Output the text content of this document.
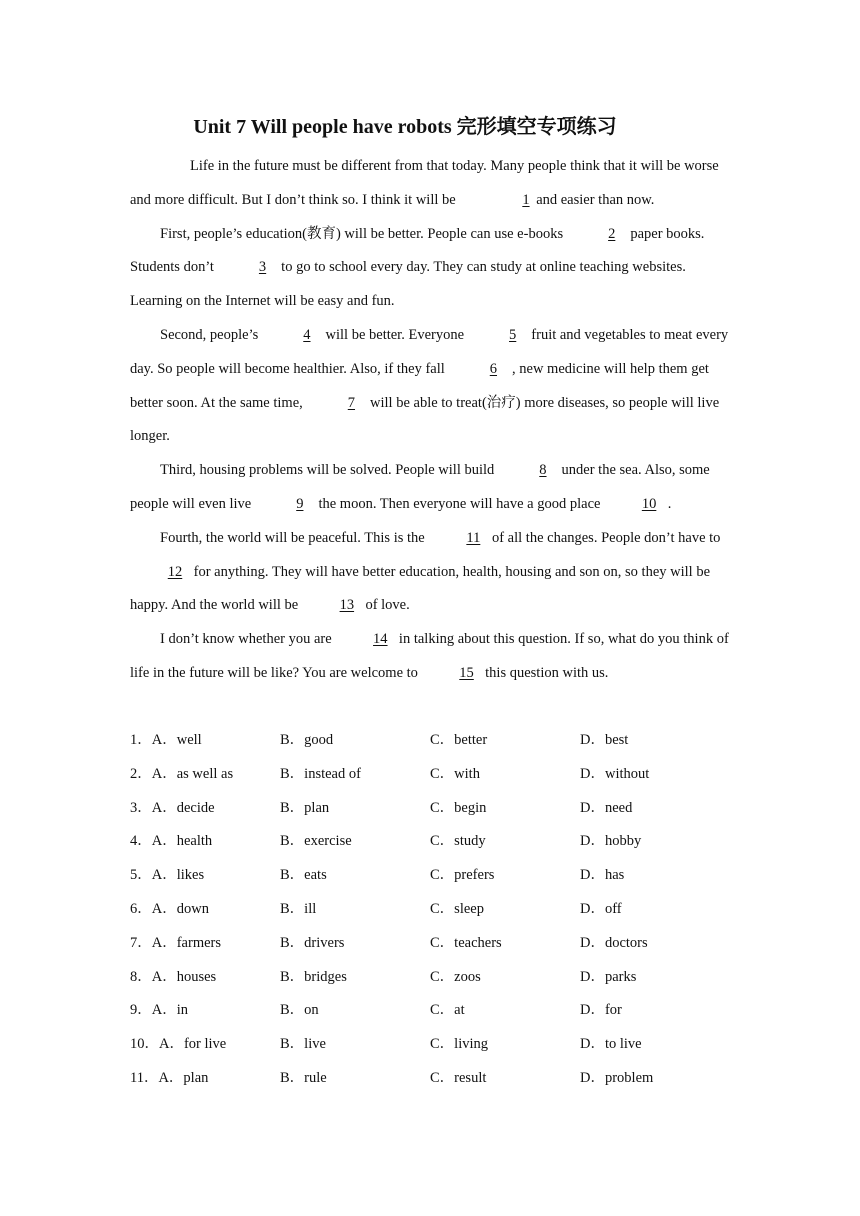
Unit 7 Will people have robots 完形填空专项练习

Life in the future must be different from that today. Many people think that it will be worse and more difficult. But I don’t think so. I think it will be	1 and easier than now.

First, people’s education(教育) will be better. People can use e-books	2 paper books. Students don’t	3 to go to school every day. They can study at online teaching websites. Learning on the Internet will be easy and fun.

Second, people’s	4 will be better. Everyone	5 fruit and vegetables to meat every day. So people will become healthier. Also, if they fall	6 , new medicine will help them get better soon. At the same time,	7 will be able to treat(治疗) more diseases, so people will live longer.

Third, housing problems will be solved. People will build	8 under the sea. Also, some people will even live	9 the moon. Then everyone will have a good place	10 .

Fourth, the world will be peaceful. This is the	11 of all the changes. People don’t have to 12 for anything. They will have better education, health, housing and son on, so they will be happy. And the world will be	13 of love.

I don’t know whether you are	14 in talking about this question. If so, what do you think of life in the future will be like? You are welcome to	15 this question with us.

1．A．well	B．good	C．better	D．best
2．A．as well as	B．instead of	C．with	D．without
3．A．decide	B．plan	C．begin	D．need
4．A．health	B．exercise	C．study	D．hobby
5．A．likes	B．eats	C．prefers	D．has
6．A．down	B．ill	C．sleep	D．off
7．A．farmers	B．drivers	C．teachers	D．doctors
8．A．houses	B．bridges	C．zoos	D．parks
9．A．in	B．on	C．at	D．for
10．A．for live	B．live	C．living	D．to live
11．A．plan	B．rule	C．result	D．problem
